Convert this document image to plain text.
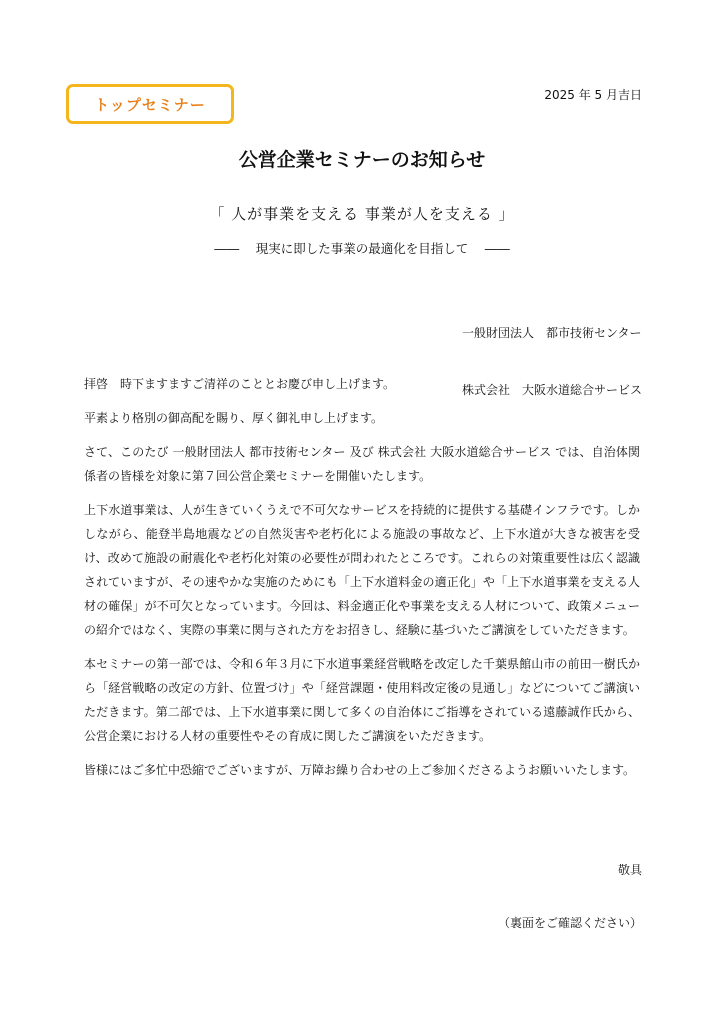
トップセミナー
2025 年 5 月吉日
公営企業セミナーのお知らせ
「 人が事業を支える 事業が人を支える 」
――　 現実に即した事業の最適化を目指して　 ――

一般財団法人　都市技術センター

株式会社　大阪水道総合サービス

拝啓　時下ますますご清祥のこととお慶び申し上げます。

平素より格別の御高配を賜り、厚く御礼申し上げます。

さて、このたび 一般財団法人 都市技術センター 及び 株式会社 大阪水道総合サービス では、自治体関係者の皆様を対象に第７回公営企業セミナーを開催いたします。

上下水道事業は、人が生きていくうえで不可欠なサービスを持続的に提供する基礎インフラです。しかしながら、能登半島地震などの自然災害や老朽化による施設の事故など、上下水道が大きな被害を受け、改めて施設の耐震化や老朽化対策の必要性が問われたところです。これらの対策重要性は広く認識されていますが、その速やかな実施のためにも「上下水道料金の適正化」や「上下水道事業を支える人材の確保」が不可欠となっています。今回は、料金適正化や事業を支える人材について、政策メニューの紹介ではなく、実際の事業に関与された方をお招きし、経験に基づいたご講演をしていただきます。

本セミナーの第一部では、令和６年３月に下水道事業経営戦略を改定した千葉県館山市の前田一樹氏から「経営戦略の改定の方針、位置づけ」や「経営課題・使用料改定後の見通し」などについてご講演いただきます。第二部では、上下水道事業に関して多くの自治体にご指導をされている遠藤誠作氏から、公営企業における人材の重要性やその育成に関したご講演をいただきます。

皆様にはご多忙中恐縮でございますが、万障お繰り合わせの上ご参加くださるようお願いいたします。

敬具
（裏面をご確認ください）
